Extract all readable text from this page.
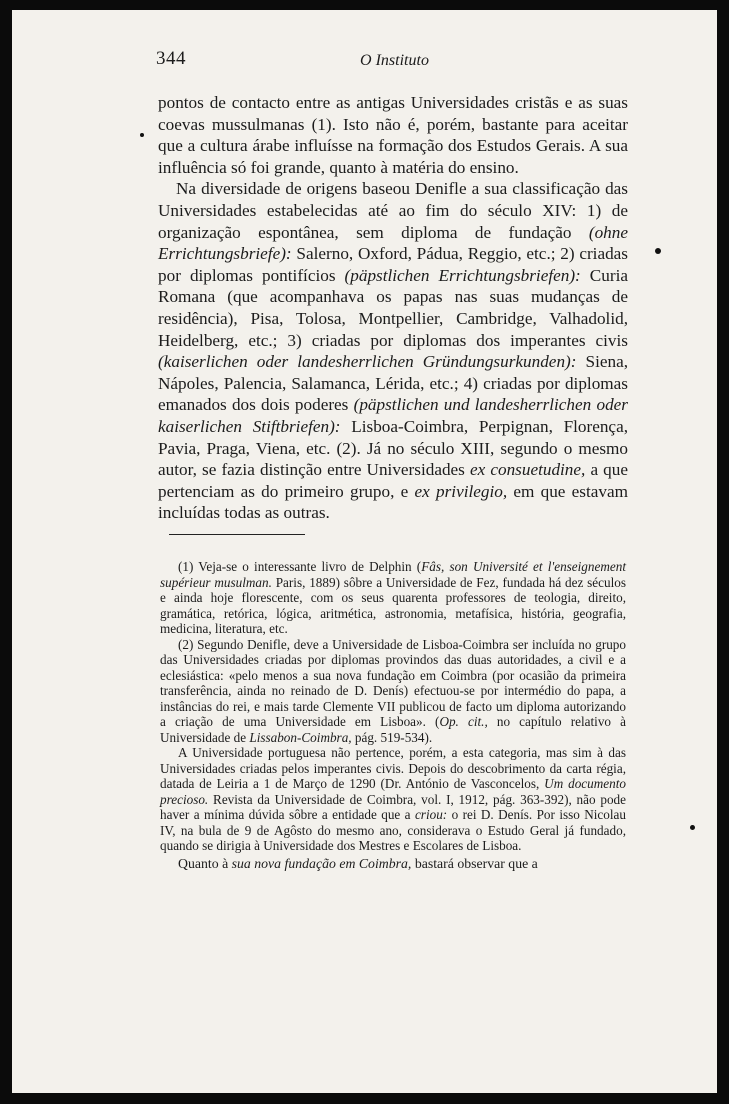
344	O Instituto

pontos de contacto entre as antigas Universidades cristãs e as suas coevas mussulmanas (1). Isto não é, porém, bastante para aceitar que a cultura árabe influísse na formação dos Estudos Gerais. A sua influência só foi grande, quanto à matéria do ensino.

Na diversidade de origens baseou Denifle a sua classificação das Universidades estabelecidas até ao fim do século XIV: 1) de organização espontânea, sem diploma de fundação (ohne Errichtungsbriefe): Salerno, Oxford, Pádua, Reggio, etc.; 2) criadas por diplomas pontifícios (päpstlichen Errichtungsbriefen): Curia Romana (que acompanhava os papas nas suas mudanças de residência), Pisa, Tolosa, Montpellier, Cambridge, Valhadolid, Heidelberg, etc.; 3) criadas por diplomas dos imperantes civis (kaiserlichen oder landesherrlichen Gründungsurkunden): Siena, Nápoles, Palencia, Salamanca, Lérida, etc.; 4) criadas por diplomas emanados dos dois poderes (päpstlichen und landesherrlichen oder kaiserlichen Stiftbriefen): Lisboa-Coimbra, Perpignan, Florença, Pavia, Praga, Viena, etc. (2). Já no século XIII, segundo o mesmo autor, se fazia distinção entre Universidades ex consuetudine, a que pertenciam as do primeiro grupo, e ex privilegio, em que estavam incluídas todas as outras.

(1) Veja-se o interessante livro de Delphin (Fâs, son Université et l'enseignement supérieur musulman. Paris, 1889) sôbre a Universidade de Fez, fundada há dez séculos e ainda hoje florescente, com os seus quarenta professores de teologia, direito, gramática, retórica, lógica, aritmética, astronomia, metafísica, história, geografia, medicina, literatura, etc.

(2) Segundo Denifle, deve a Universidade de Lisboa-Coimbra ser incluída no grupo das Universidades criadas por diplomas provindos das duas autoridades, a civil e a eclesiástica: «pelo menos a sua nova fundação em Coimbra (por ocasião da primeira transferência, ainda no reinado de D. Denís) efectuou-se por intermédio do papa, a instâncias do rei, e mais tarde Clemente VII publicou de facto um diploma autorizando a criação de uma Universidade em Lisboa». (Op. cit., no capítulo relativo à Universidade de Lissabon-Coimbra, pág. 519-534).

A Universidade portuguesa não pertence, porém, a esta categoria, mas sim à das Universidades criadas pelos imperantes civis. Depois do descobrimento da carta régia, datada de Leiria a 1 de Março de 1290 (Dr. António de Vasconcelos, Um documento precioso. Revista da Universidade de Coimbra, vol. I, 1912, pág. 363-392), não pode haver a mínima dúvida sôbre a entidade que a criou: o rei D. Denís. Por isso Nicolau IV, na bula de 9 de Agôsto do mesmo ano, considerava o Estudo Geral já fundado, quando se dirigia à Universidade dos Mestres e Escolares de Lisboa.

Quanto à sua nova fundação em Coimbra, bastará observar que a
